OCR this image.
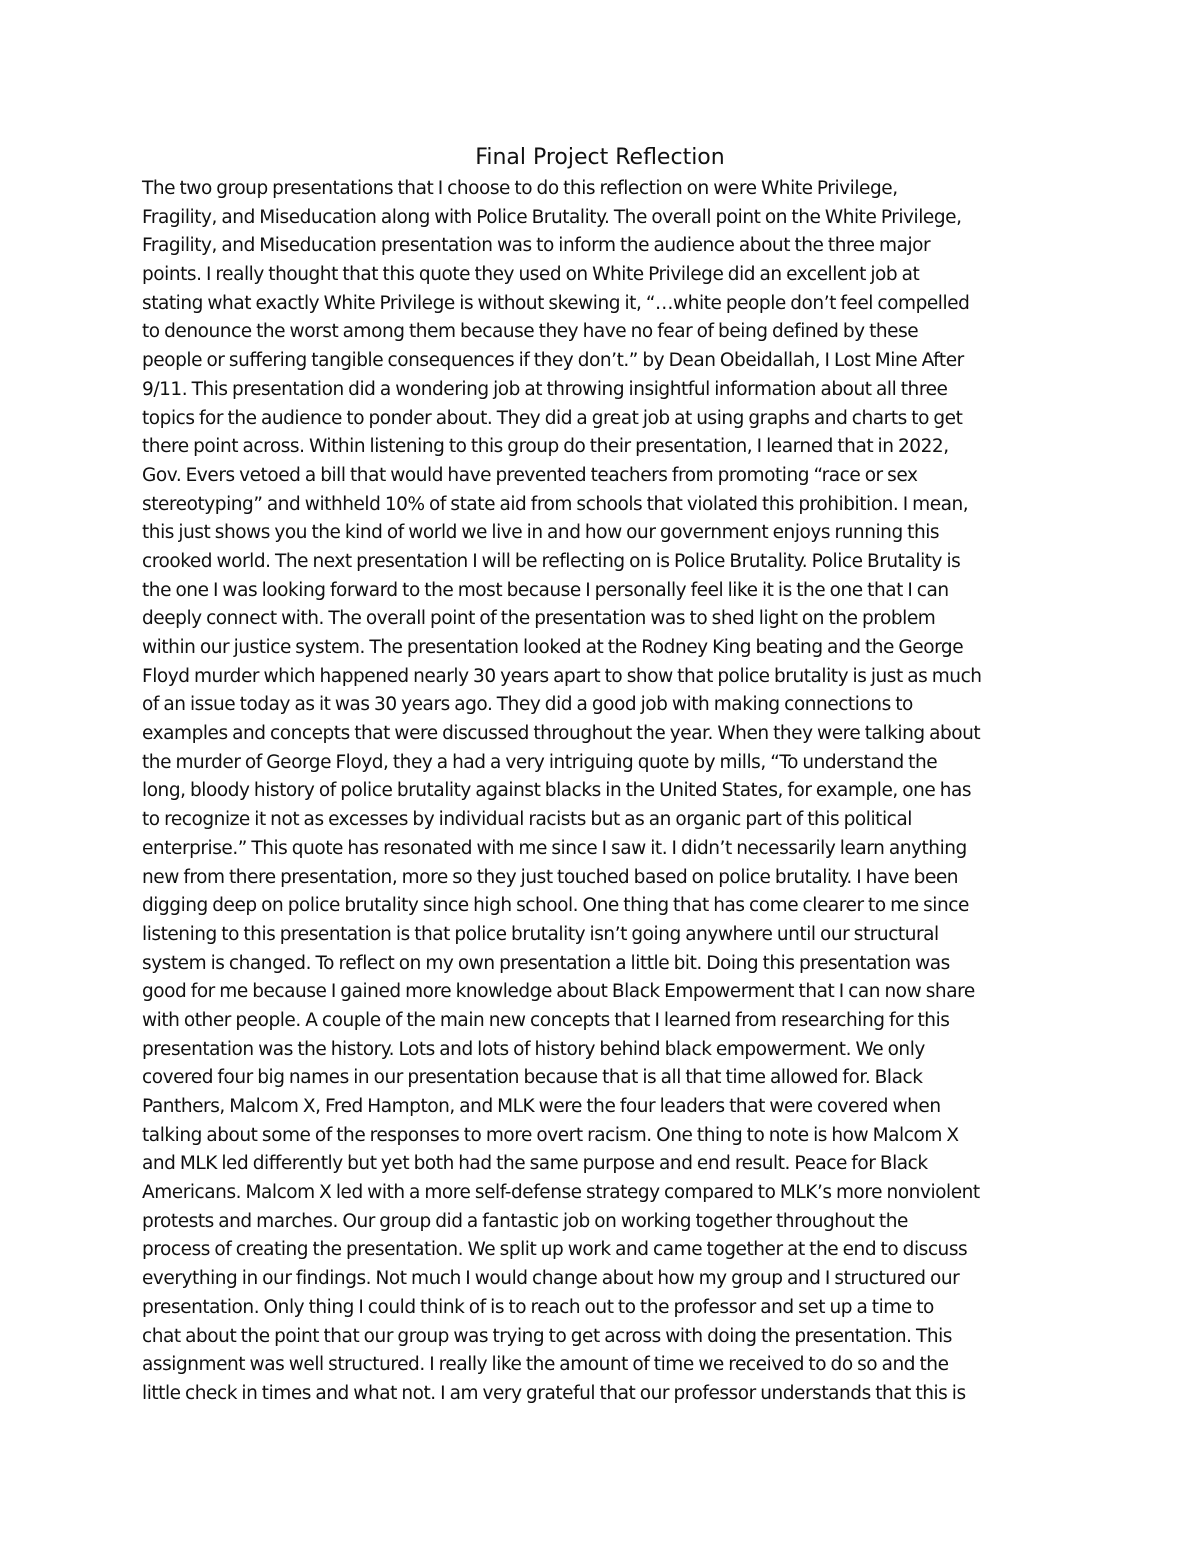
Final Project Reflection
The two group presentations that I choose to do this reflection on were White Privilege,
Fragility, and Miseducation along with Police Brutality. The overall point on the White Privilege,
Fragility, and Miseducation presentation was to inform the audience about the three major
points. I really thought that this quote they used on White Privilege did an excellent job at
stating what exactly White Privilege is without skewing it, “…white people don’t feel compelled
to denounce the worst among them because they have no fear of being defined by these
people or suffering tangible consequences if they don’t.” by Dean Obeidallah, I Lost Mine After
9/11. This presentation did a wondering job at throwing insightful information about all three
topics for the audience to ponder about. They did a great job at using graphs and charts to get
there point across. Within listening to this group do their presentation, I learned that in 2022,
Gov. Evers vetoed a bill that would have prevented teachers from promoting “race or sex
stereotyping” and withheld 10% of state aid from schools that violated this prohibition. I mean,
this just shows you the kind of world we live in and how our government enjoys running this
crooked world. The next presentation I will be reflecting on is Police Brutality. Police Brutality is
the one I was looking forward to the most because I personally feel like it is the one that I can
deeply connect with. The overall point of the presentation was to shed light on the problem
within our justice system. The presentation looked at the Rodney King beating and the George
Floyd murder which happened nearly 30 years apart to show that police brutality is just as much
of an issue today as it was 30 years ago. They did a good job with making connections to
examples and concepts that were discussed throughout the year. When they were talking about
the murder of George Floyd, they a had a very intriguing quote by mills, “To understand the
long, bloody history of police brutality against blacks in the United States, for example, one has
to recognize it not as excesses by individual racists but as an organic part of this political
enterprise.” This quote has resonated with me since I saw it. I didn’t necessarily learn anything
new from there presentation, more so they just touched based on police brutality. I have been
digging deep on police brutality since high school. One thing that has come clearer to me since
listening to this presentation is that police brutality isn’t going anywhere until our structural
system is changed. To reflect on my own presentation a little bit. Doing this presentation was
good for me because I gained more knowledge about Black Empowerment that I can now share
with other people. A couple of the main new concepts that I learned from researching for this
presentation was the history. Lots and lots of history behind black empowerment. We only
covered four big names in our presentation because that is all that time allowed for. Black
Panthers, Malcom X, Fred Hampton, and MLK were the four leaders that were covered when
talking about some of the responses to more overt racism. One thing to note is how Malcom X
and MLK led differently but yet both had the same purpose and end result. Peace for Black
Americans. Malcom X led with a more self-defense strategy compared to MLK’s more nonviolent
protests and marches. Our group did a fantastic job on working together throughout the
process of creating the presentation. We split up work and came together at the end to discuss
everything in our findings. Not much I would change about how my group and I structured our
presentation. Only thing I could think of is to reach out to the professor and set up a time to
chat about the point that our group was trying to get across with doing the presentation. This
assignment was well structured. I really like the amount of time we received to do so and the
little check in times and what not. I am very grateful that our professor understands that this is
